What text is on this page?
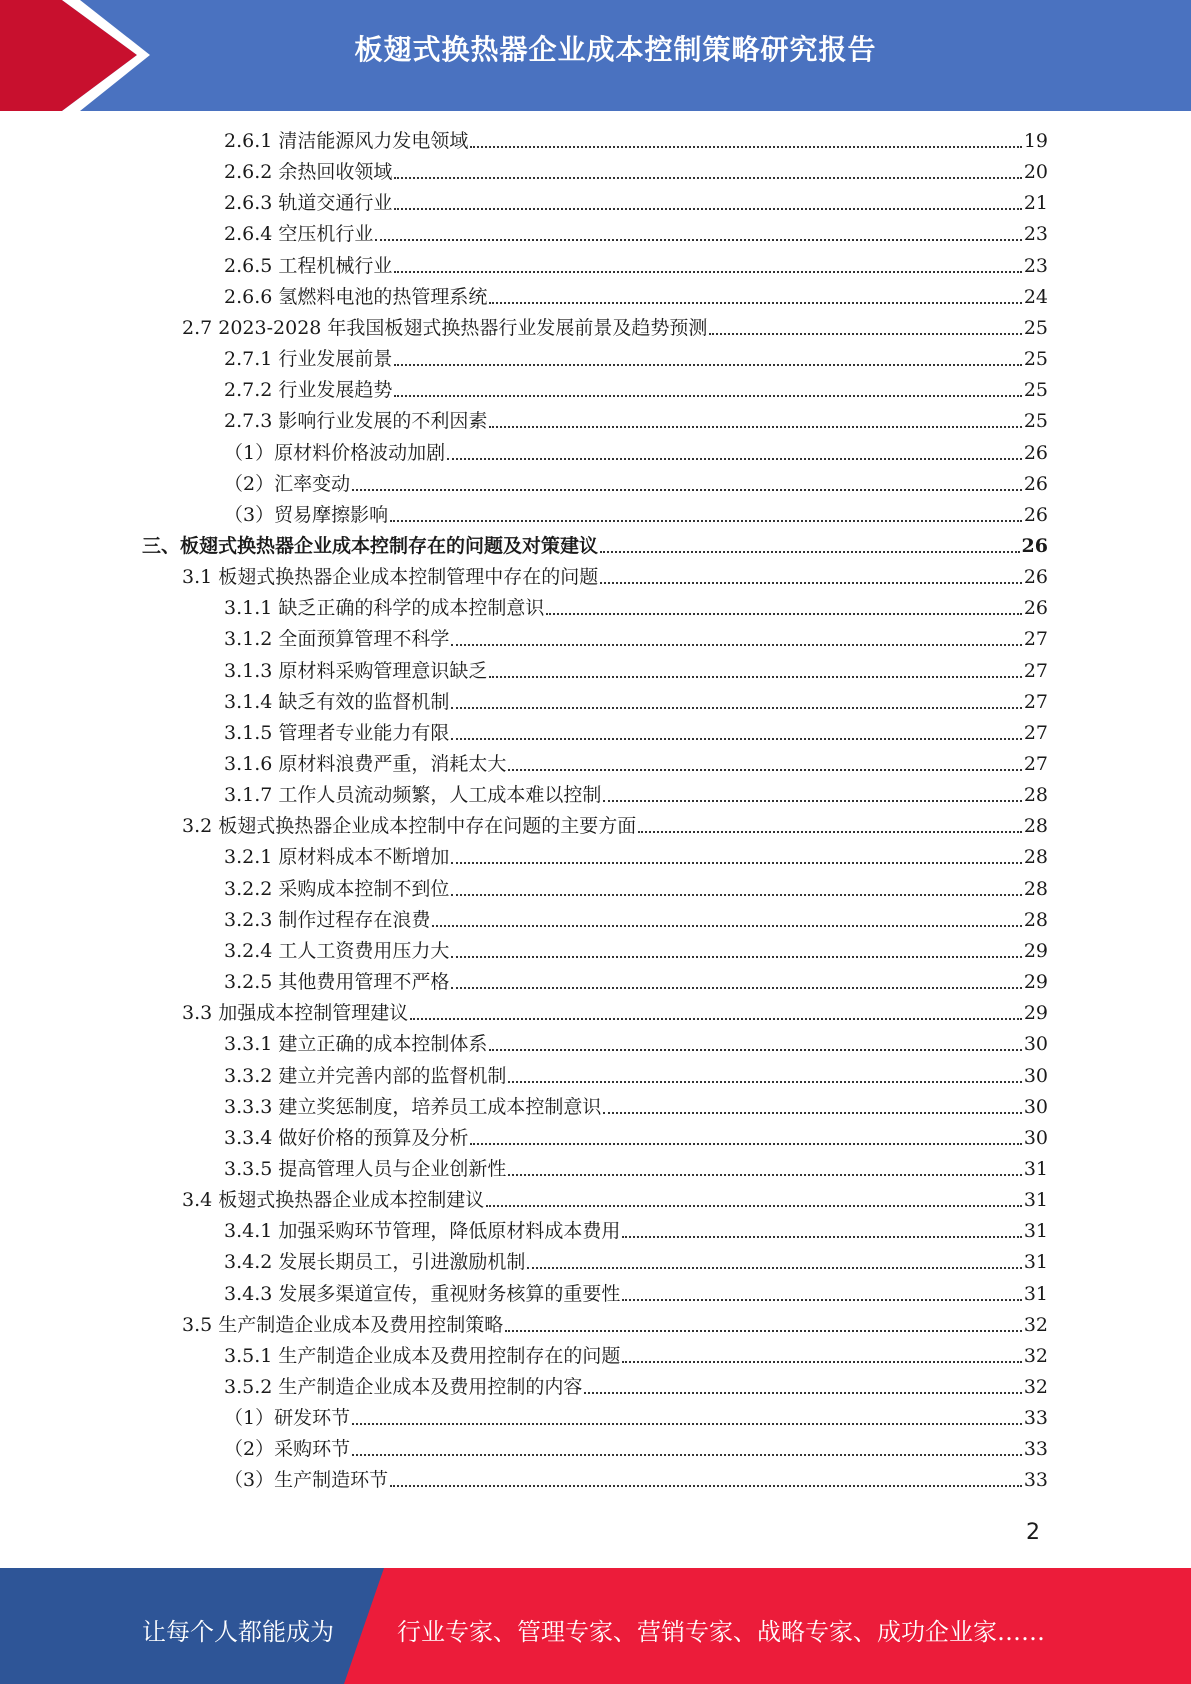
板翅式换热器企业成本控制策略研究报告
2.6.1 清洁能源风力发电领域	19
2.6.2 余热回收领域	20
2.6.3 轨道交通行业	21
2.6.4 空压机行业	23
2.6.5 工程机械行业	23
2.6.6 氢燃料电池的热管理系统	24
2.7 2023-2028 年我国板翅式换热器行业发展前景及趋势预测	25
2.7.1 行业发展前景	25
2.7.2 行业发展趋势	25
2.7.3 影响行业发展的不利因素	25
（1）原材料价格波动加剧	26
（2）汇率变动	26
（3）贸易摩擦影响	26
三、板翅式换热器企业成本控制存在的问题及对策建议	26
3.1 板翅式换热器企业成本控制管理中存在的问题	26
3.1.1 缺乏正确的科学的成本控制意识	26
3.1.2 全面预算管理不科学	27
3.1.3 原材料采购管理意识缺乏	27
3.1.4 缺乏有效的监督机制	27
3.1.5 管理者专业能力有限	27
3.1.6 原材料浪费严重，消耗太大	27
3.1.7 工作人员流动频繁，人工成本难以控制	28
3.2 板翅式换热器企业成本控制中存在问题的主要方面	28
3.2.1 原材料成本不断增加	28
3.2.2 采购成本控制不到位	28
3.2.3 制作过程存在浪费	28
3.2.4 工人工资费用压力大	29
3.2.5 其他费用管理不严格	29
3.3 加强成本控制管理建议	29
3.3.1 建立正确的成本控制体系	30
3.3.2 建立并完善内部的监督机制	30
3.3.3 建立奖惩制度，培养员工成本控制意识	30
3.3.4 做好价格的预算及分析	30
3.3.5 提高管理人员与企业创新性	31
3.4 板翅式换热器企业成本控制建议	31
3.4.1 加强采购环节管理，降低原材料成本费用	31
3.4.2 发展长期员工，引进激励机制	31
3.4.3 发展多渠道宣传，重视财务核算的重要性	31
3.5 生产制造企业成本及费用控制策略	32
3.5.1 生产制造企业成本及费用控制存在的问题	32
3.5.2 生产制造企业成本及费用控制的内容	32
（1）研发环节	33
（2）采购环节	33
（3）生产制造环节	33
2
让每个人都能成为	行业专家、管理专家、营销专家、战略专家、成功企业家……
